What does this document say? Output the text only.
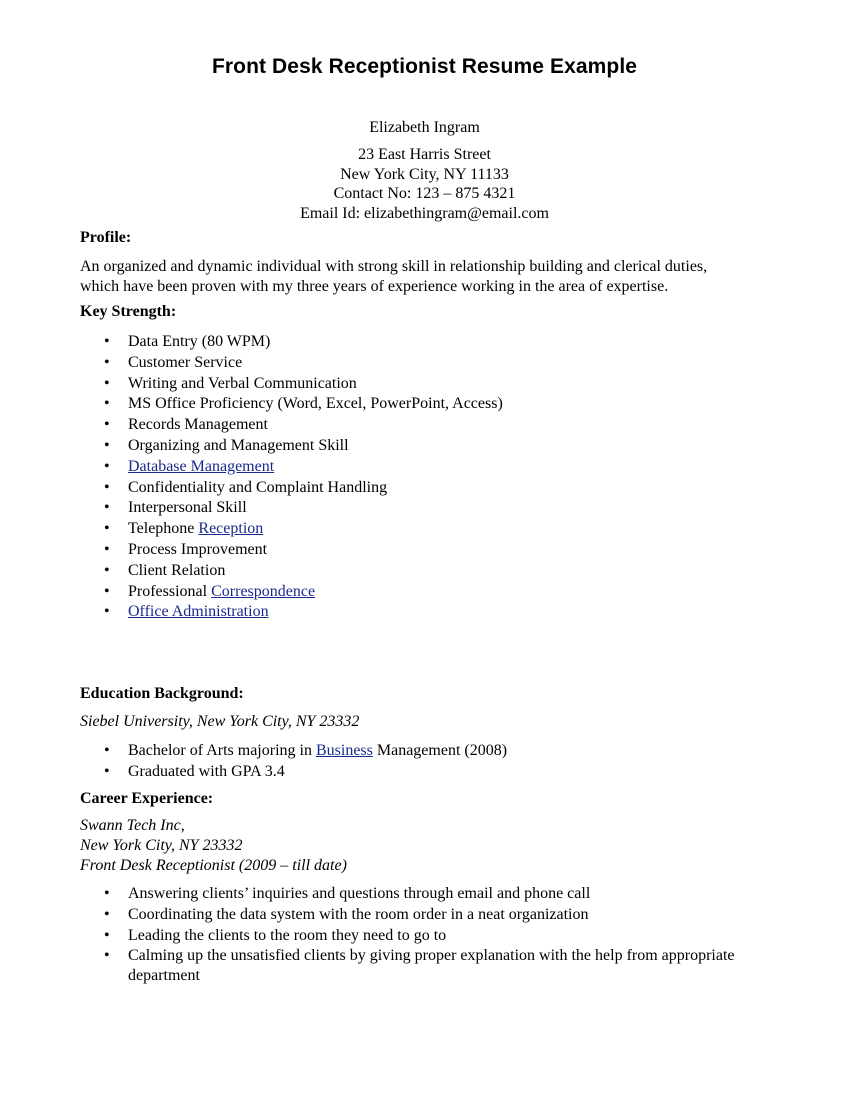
Front Desk Receptionist Resume Example
Elizabeth Ingram
23 East Harris Street
New York City, NY 11133
Contact No: 123 – 875 4321
Email Id: elizabethingram@email.com
Profile:
An organized and dynamic individual with strong skill in relationship building and clerical duties,
which have been proven with my three years of experience working in the area of expertise.
Key Strength:
• Data Entry (80 WPM)
• Customer Service
• Writing and Verbal Communication
• MS Office Proficiency (Word, Excel, PowerPoint, Access)
• Records Management
• Organizing and Management Skill
• Database Management
• Confidentiality and Complaint Handling
• Interpersonal Skill
• Telephone Reception
• Process Improvement
• Client Relation
• Professional Correspondence
• Office Administration
Education Background:
Siebel University, New York City, NY 23332
• Bachelor of Arts majoring in Business Management (2008)
• Graduated with GPA 3.4
Career Experience:
Swann Tech Inc,
New York City, NY 23332
Front Desk Receptionist (2009 – till date)
• Answering clients’ inquiries and questions through email and phone call
• Coordinating the data system with the room order in a neat organization
• Leading the clients to the room they need to go to
• Calming up the unsatisfied clients by giving proper explanation with the help from appropriate
department
